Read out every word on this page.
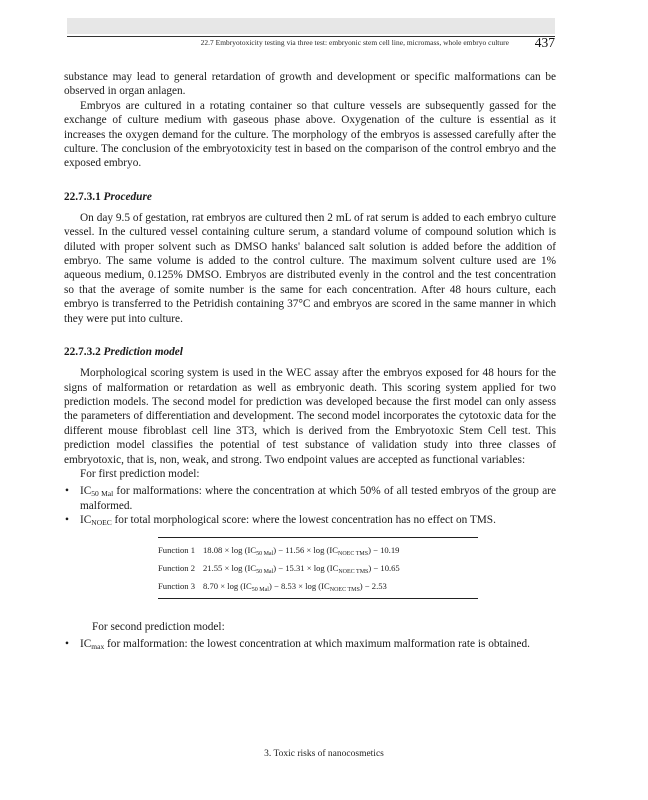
22.7 Embryotoxicity testing via three test: embryonic stem cell line, micromass, whole embryo culture	437

substance may lead to general retardation of growth and development or specific malformations can be observed in organ anlagen.

Embryos are cultured in a rotating container so that culture vessels are subsequently gassed for the exchange of culture medium with gaseous phase above. Oxygenation of the culture is essential as it increases the oxygen demand for the culture. The morphology of the embryos is assessed carefully after the culture. The conclusion of the embryotoxicity test in based on the comparison of the control embryo and the exposed embryo.

22.7.3.1 Procedure

On day 9.5 of gestation, rat embryos are cultured then 2 mL of rat serum is added to each embryo culture vessel. In the cultured vessel containing culture serum, a standard volume of compound solution which is diluted with proper solvent such as DMSO hanks' balanced salt solution is added before the addition of embryo. The same volume is added to the control culture. The maximum solvent culture used are 1% aqueous medium, 0.125% DMSO. Embryos are distributed evenly in the control and the test concentration so that the average of somite number is the same for each concentration. After 48 hours culture, each embryo is transferred to the Petridish containing 37°C and embryos are scored in the same manner in which they were put into culture.

22.7.3.2 Prediction model

Morphological scoring system is used in the WEC assay after the embryos exposed for 48 hours for the signs of malformation or retardation as well as embryonic death. This scoring system applied for two prediction models. The second model for prediction was developed because the first model can only assess the parameters of differentiation and development. The second model incorporates the cytotoxic data for the different mouse fibroblast cell line 3T3, which is derived from the Embryotoxic Stem Cell test. This prediction model classifies the potential of test substance of validation study into three classes of embryotoxic, that is, non, weak, and strong. Two endpoint values are accepted as functional variables:

For first prediction model:

• $IC_{50 Mal}$ for malformations: where the concentration at which 50% of all tested embryos of the group are malformed.
• $IC_{NOEC}$ for total morphological score: where the lowest concentration has no effect on TMS.
Function 1 $18.08 \times \log (IC_{50 Mal}) - 11.56 \times \log (IC_{NOEC TMS}) - 10.19$
Function 2 $21.55 \times \log (IC_{50 Mal}) - 15.31 \times \log (IC_{NOEC TMS}) - 10.65$
Function 3 $8.70 \times \log (IC_{50 Mal}) - 8.53 \times \log (IC_{NOEC TMS}) - 2.53$

For second prediction model:

• $IC_{max}$ for malformation: the lowest concentration at which maximum malformation rate is obtained.
3. Toxic risks of nanocosmetics
